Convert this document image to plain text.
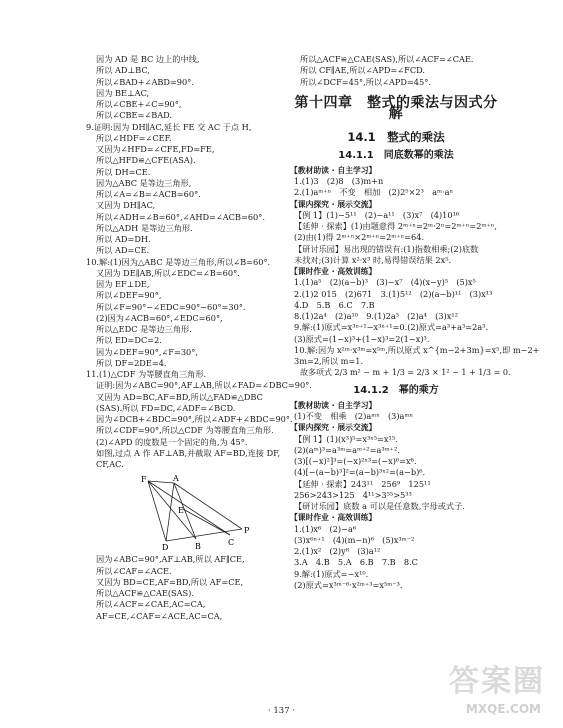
因为 AD 是 BC 边上的中线,
所以 AD⊥BC,
所以∠BAD+∠ABD=90°.
因为 BE⊥AC,
所以∠CBE+∠C=90°,
所以∠CBE=∠BAD.
9.证明:因为 DH∥AC,延长 FE 交 AC 于点 H,
所以∠HDF=∠CEF.
又因为∠HFD=∠CFE,FD=FE,
所以△HFD≌△CFE(ASA).
所以 DH=CE.
因为△ABC 是等边三角形,
所以∠A=∠B=∠ACB=60°.
又因为 DH∥AC,
所以∠ADH=∠B=60°,∠AHD=∠ACB=60°.
所以△ADH 是等边三角形.
所以 AD=DH.
所以 AD=CE.
10.解:(1)因为△ABC 是等边三角形,所以∠B=60°.
又因为 DE∥AB,所以∠EDC=∠B=60°.
因为 EF⊥DE,
所以∠DEF=90°,
所以∠F=90°−∠EDC=90°−60°=30°.
(2)因为∠ACB=60°,∠EDC=60°,
所以△EDC 是等边三角形.
所以 ED=DC=2.
因为∠DEF=90°,∠F=30°,
所以 DF=2DE=4.
11.(1)△CDF 为等腰直角三角形.
证明:因为∠ABC=90°,AF⊥AB,所以∠FAD=∠DBC=90°.
又因为 AD=BC,AF=BD,所以△FAD≌△DBC
(SAS).所以 FD=DC,∠ADF=∠BCD.
因为∠DCB+∠BDC=90°,所以∠ADF+∠BDC=90°.
所以∠CDF=90°,所以△CDF 为等腰直角三角形.
(2)∠APD 的度数是一个固定的角,为 45°.
如图,过点 A 作 AF⊥AB,并截取 AF=BD,连接 DF,
CF,AC.
F	A
E
D	B	C
P
因为∠ABC=90°,AF⊥AB,所以 AF∥CE,
所以∠CAF=∠ACE.
又因为 BD=CE,AF=BD,所以 AF=CE,
所以△ACF≌△CAE(SAS).
所以∠ACF=∠CAE,AC=CA,
AF=CE,∠CAF=∠ACE,AC=CA,
所以△ACF≌△CAE(SAS),所以∠ACF=∠CAE.
所以 CF∥AE,所以∠APD=∠FCD.
所以∠DCF=45°,所以∠APD=45°.
第十四章　整式的乘法与因式分解
14.1　整式的乘法
14.1.1　同底数幂的乘法
【教材助读 · 自主学习】
1.(1)3　(2)8　(3)m+n
2.(1)aᵐ⁺ⁿ　不变　相加　(2)2⁵×2³　aᵐ·aⁿ
【课内探究 · 展示交流】
【例 1】(1)−5¹¹　(2)−a¹¹　(3)x⁷　(4)10¹⁶
【延伸 · 探索】(1)由题意得 2ᵐ⁺ⁿ=2ᵐ·2ⁿ=2ᵐ⁺ⁿ=2ᵐ⁺ⁿ,
(2)由(1)得 2ᵐ⁺ⁿ×2ᵐ⁺ⁿ=2ᵐ⁺ⁿ=64.
【研讨乐园】易出现的错误有:(1)指数相乘;(2)底数
未找对;(3)计算 x²·x³ 时,易得错误结果 2x⁵.
【课时作业 · 高效训练】
1.(1)a⁵　(2)(a−b)³　(3)−x⁷　(4)(x−y)⁵　(5)x⁵
2.(1)2 015　(2)671　3.(1)5¹²　(2)(a−b)¹¹　(3)x¹³
4.D　5.B　6.C　7.B
8.(1)2a⁴　(2)a¹⁰　9.(1)2a⁵　(2)a⁴　(3)x¹²
9.解:(1)原式=x³ⁿ⁺¹−x³ⁿ⁺¹=0.(2)原式=a³+a³=2a³.
(3)原式=(1−x)³+(1−x)³=2(1−x)³.
10.解:因为 x²ᵐ·x³ᵐ=x⁵ᵐ,所以原式 x^{m−2+3m}=x⁵,即 m−2+
3m=2,所以 m=1.
故多项式 2/3 m² − m + 1/3 = 2/3 × 1² − 1 + 1/3 = 0.
14.1.2　幂的乘方
【教材助读 · 自主学习】
(1)不变　相乘　(2)aᵐⁿ　(3)aᵐⁿ
【课内探究 · 展示交流】
【例 1】(1)(x³)⁵=x³ˣ⁵=x¹⁵.
(2)(aᵐ)³=a³ᵐ=aᵐ⁺²=a³ᵐ⁺².
(3)[(−x)²]³=(−x)²ˣ³=(−x)⁶=x⁶.
(4)[−(a−b)³]²=(a−b)³ˣ²=(a−b)⁶.
【延伸 · 探索】243¹¹　256⁹　125¹¹
256>243>125　4¹¹>3⁵⁵>5³³
【研讨乐园】底数 a 可以是任意数,字母或式子.
【课时作业 · 高效训练】
1.(1)x⁶　(2)−a⁶
(3)x⁶ⁿ⁺¹　(4)(m−n)⁶　(5)x³ᵐ⁻²
2.(1)x²　(2)y⁸　(3)a¹²
3.A　4.B　5.A　6.B　7.B　8.C
9.解:(1)原式=−x¹⁰.
(2)原式=x³ᵐ⁻⁶·x²ᵐ⁺³=x⁵ᵐ⁻³.
· 137 ·
答案圈
MXQE.COM
